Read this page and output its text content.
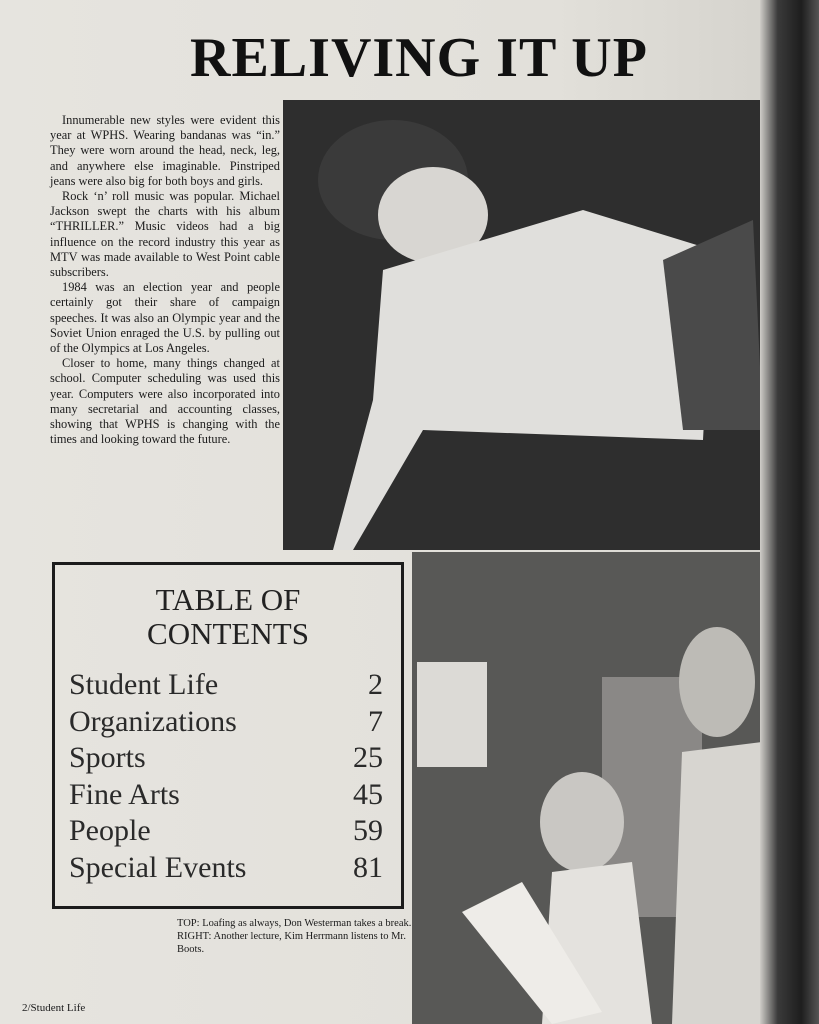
RELIVING IT UP

Innumerable new styles were evident this year at WPHS. Wearing bandanas was “in.” They were worn around the head, neck, leg, and anywhere else imaginable. Pinstriped jeans were also big for both boys and girls.

Rock ‘n’ roll music was popular. Michael Jackson swept the charts with his album “THRILLER.” Music videos had a big influence on the record industry this year as MTV was made available to West Point cable subscribers.

1984 was an election year and people certainly got their share of campaign speeches. It was also an Olympic year and the Soviet Union enraged the U.S. by pulling out of the Olympics at Los Angeles.

Closer to home, many things changed at school. Computer scheduling was used this year. Computers were also incorporated into many secretarial and accounting classes, showing that WPHS is changing with the times and looking toward the future.

TABLE OF
CONTENTS
Student Life	2
Organizations	7
Sports	25
Fine Arts	45
People	59
Special Events	81
TOP: Loafing as always, Don Westerman takes a break. RIGHT: Another lecture, Kim Herrmann listens to Mr. Boots.
2/Student Life
